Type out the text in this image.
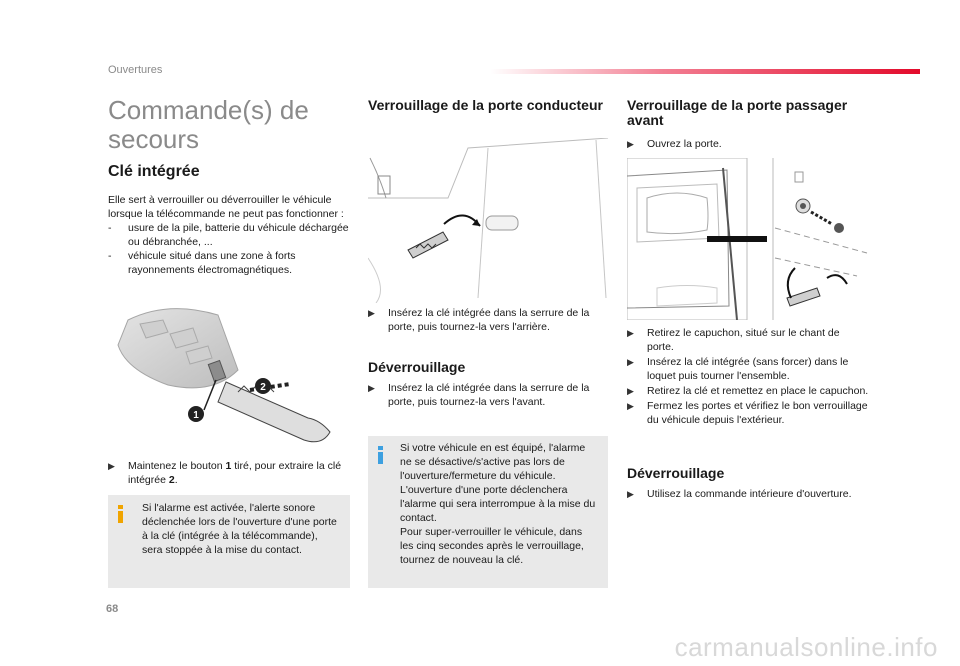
Ouvertures
Commande(s) de
secours
Clé intégrée
Elle sert à verrouiller ou déverrouiller le véhicule lorsque la télécommande ne peut pas fonctionner :
- usure de la pile, batterie du véhicule déchargée ou débranchée, ...
- véhicule situé dans une zone à forts rayonnements électromagnétiques.
2
1
▶ Maintenez le bouton 1 tiré, pour extraire la clé intégrée 2.
Si l'alarme est activée, l'alerte sonore déclenchée lors de l'ouverture d'une porte à la clé (intégrée à la télécommande), sera stoppée à la mise du contact.
Verrouillage de la porte conducteur
▶ Insérez la clé intégrée dans la serrure de la porte, puis tournez-la vers l'arrière.
Déverrouillage
▶ Insérez la clé intégrée dans la serrure de la porte, puis tournez-la vers l'avant.
Si votre véhicule en est équipé, l'alarme ne se désactive/s'active pas lors de l'ouverture/fermeture du véhicule.
L'ouverture d'une porte déclenchera l'alarme qui sera interrompue à la mise du contact.
Pour super-verrouiller le véhicule, dans les cinq secondes après le verrouillage, tournez de nouveau la clé.
Verrouillage de la porte passager avant
▶ Ouvrez la porte.
▶ Retirez le capuchon, situé sur le chant de porte.
▶ Insérez la clé intégrée (sans forcer) dans le loquet puis tourner l'ensemble.
▶ Retirez la clé et remettez en place le capuchon.
▶ Fermez les portes et vérifiez le bon verrouillage du véhicule depuis l'extérieur.
Déverrouillage
▶ Utilisez la commande intérieure d'ouverture.
68
carmanualsonline.info
